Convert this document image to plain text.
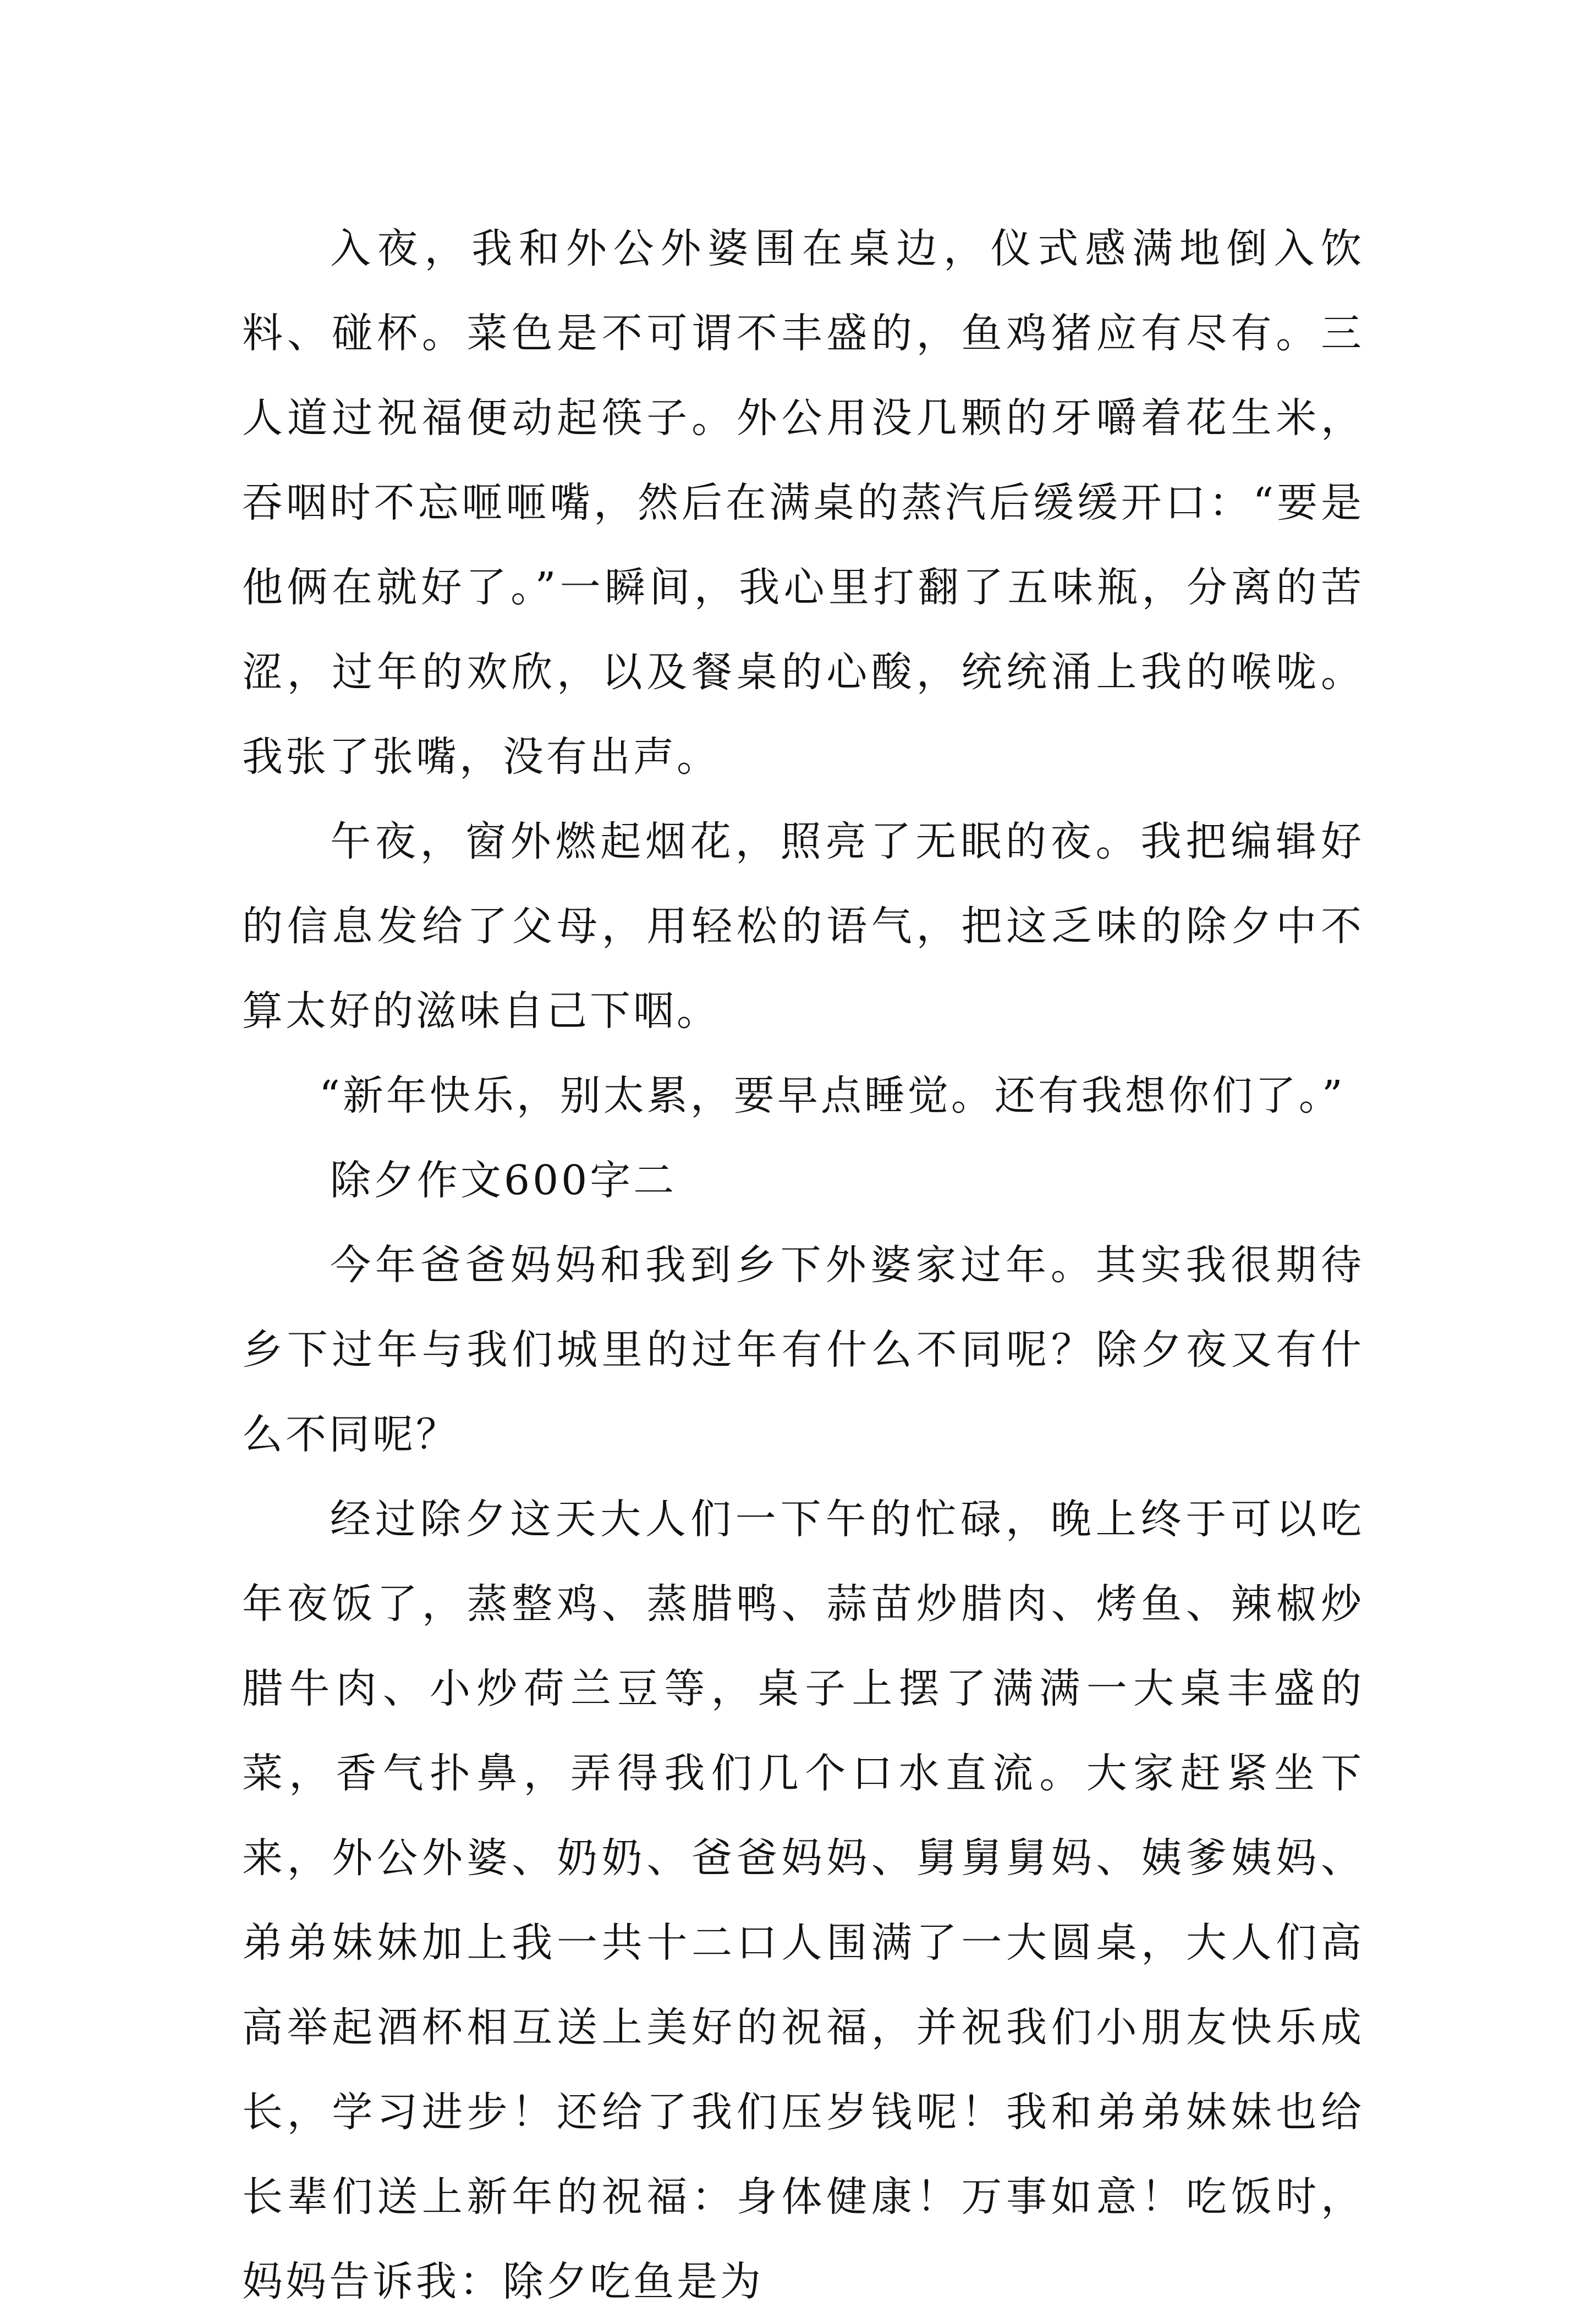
入夜，我和外公外婆围在桌边，仪式感满地倒入饮料、碰杯。菜色是不可谓不丰盛的，鱼鸡猪应有尽有。三人道过祝福便动起筷子。外公用没几颗的牙嚼着花生米，吞咽时不忘咂咂嘴，然后在满桌的蒸汽后缓缓开口：“要是他俩在就好了。”一瞬间，我心里打翻了五味瓶，分离的苦涩，过年的欢欣，以及餐桌的心酸，统统涌上我的喉咙。我张了张嘴，没有出声。

午夜，窗外燃起烟花，照亮了无眠的夜。我把编辑好的信息发给了父母，用轻松的语气，把这乏味的除夕中不算太好的滋味自己下咽。

“新年快乐，别太累，要早点睡觉。还有我想你们了。”

除夕作文600字二

今年爸爸妈妈和我到乡下外婆家过年。其实我很期待乡下过年与我们城里的过年有什么不同呢？除夕夜又有什么不同呢？

经过除夕这天大人们一下午的忙碌，晚上终于可以吃年夜饭了，蒸整鸡、蒸腊鸭、蒜苗炒腊肉、烤鱼、辣椒炒腊牛肉、小炒荷兰豆等，桌子上摆了满满一大桌丰盛的菜，香气扑鼻，弄得我们几个口水直流。大家赶紧坐下来，外公外婆、奶奶、爸爸妈妈、舅舅舅妈、姨爹姨妈、弟弟妹妹加上我一共十二口人围满了一大圆桌，大人们高高举起酒杯相互送上美好的祝福，并祝我们小朋友快乐成长，学习进步！还给了我们压岁钱呢！我和弟弟妹妹也给长辈们送上新年的祝福：身体健康！万事如意！吃饭时，妈妈告诉我：除夕吃鱼是为
